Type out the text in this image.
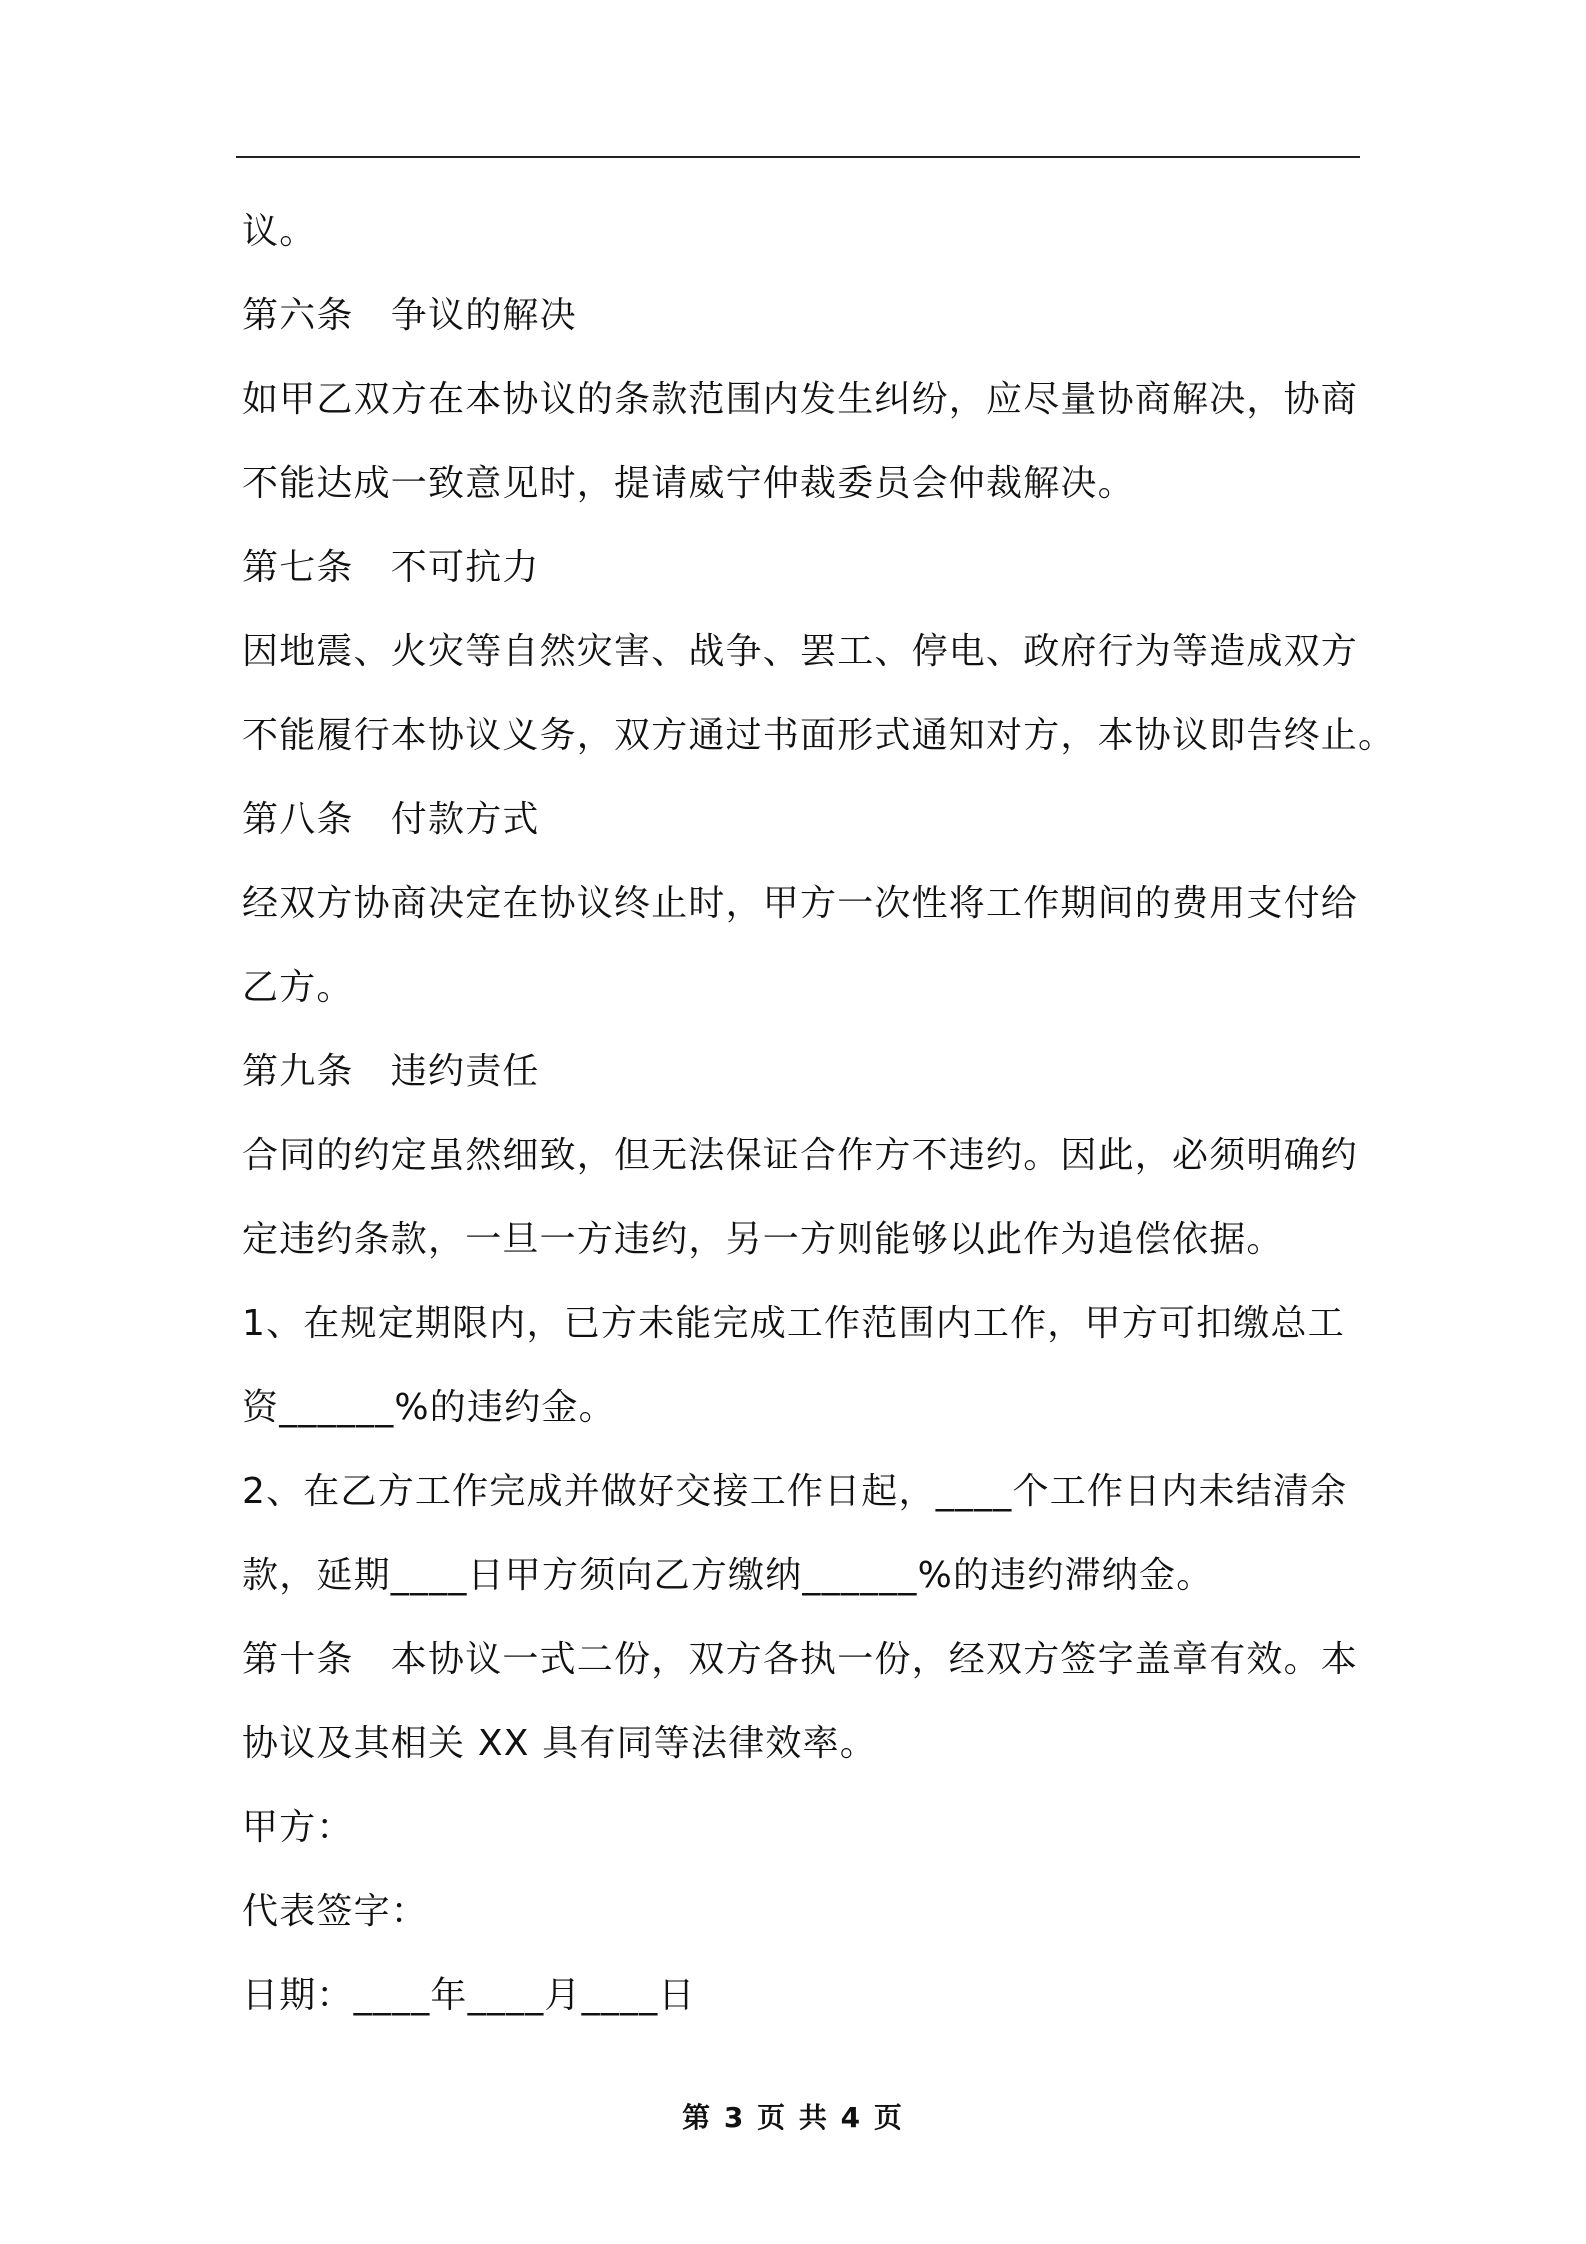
议。
第六条　争议的解决
如甲乙双方在本协议的条款范围内发生纠纷，应尽量协商解决，协商
不能达成一致意见时，提请威宁仲裁委员会仲裁解决。
第七条　不可抗力
因地震、火灾等自然灾害、战争、罢工、停电、政府行为等造成双方
不能履行本协议义务，双方通过书面形式通知对方，本协议即告终止。
第八条　付款方式
经双方协商决定在协议终止时，甲方一次性将工作期间的费用支付给
乙方。
第九条　违约责任
合同的约定虽然细致，但无法保证合作方不违约。因此，必须明确约
定违约条款，一旦一方违约，另一方则能够以此作为追偿依据。
1、在规定期限内，已方未能完成工作范围内工作，甲方可扣缴总工
资______%的违约金。
2、在乙方工作完成并做好交接工作日起，____个工作日内未结清余
款，延期____日甲方须向乙方缴纳______%的违约滞纳金。
第十条　本协议一式二份，双方各执一份，经双方签字盖章有效。本
协议及其相关 XX 具有同等法律效率。
甲方：
代表签字：
日期：____年____月____日
第 3 页 共 4 页
